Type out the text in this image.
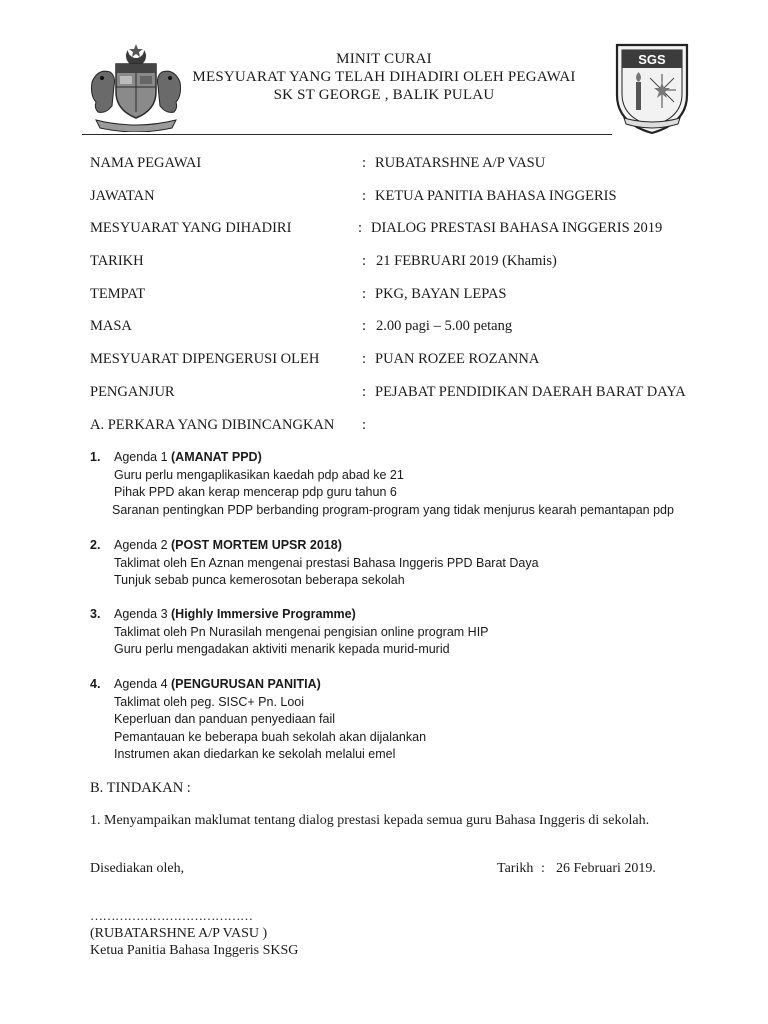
MINIT CURAI
MESYUARAT YANG TELAH DIHADIRI OLEH PEGAWAI
SK ST GEORGE , BALIK PULAU
SGS
NAMA PEGAWAI	: RUBATARSHNE A/P VASU
JAWATAN	: KETUA PANITIA BAHASA INGGERIS
MESYUARAT YANG DIHADIRI	: DIALOG PRESTASI BAHASA INGGERIS 2019
TARIKH	: 21 FEBRUARI 2019 (Khamis)
TEMPAT	: PKG, BAYAN LEPAS
MASA	: 2.00 pagi – 5.00 petang
MESYUARAT DIPENGERUSI OLEH	: PUAN ROZEE ROZANNA
PENGANJUR	: PEJABAT PENDIDIKAN DAERAH BARAT DAYA
A. PERKARA YANG DIBINCANGKAN :
1. Agenda 1 (AMANAT PPD)
Guru perlu mengaplikasikan kaedah pdp abad ke 21
Pihak PPD akan kerap mencerap pdp guru tahun 6
Saranan pentingkan PDP berbanding program-program yang tidak menjurus kearah pemantapan pdp
2. Agenda 2 (POST MORTEM UPSR 2018)
Taklimat oleh En Aznan mengenai prestasi Bahasa Inggeris PPD Barat Daya
Tunjuk sebab punca kemerosotan beberapa sekolah
3. Agenda 3 (Highly Immersive Programme)
Taklimat oleh Pn Nurasilah mengenai pengisian online program HIP
Guru perlu mengadakan aktiviti menarik kepada murid-murid
4. Agenda 4 (PENGURUSAN PANITIA)
Taklimat oleh peg. SISC+ Pn. Looi
Keperluan dan panduan penyediaan fail
Pemantauan ke beberapa buah sekolah akan dijalankan
Instrumen akan diedarkan ke sekolah melalui emel
B. TINDAKAN :
1. Menyampaikan maklumat tentang dialog prestasi kepada semua guru Bahasa Inggeris di sekolah.
Disediakan oleh,	Tarikh : 26 Februari 2019.
…………………………………
(RUBATARSHNE A/P VASU )
Ketua Panitia Bahasa Inggeris SKSG
